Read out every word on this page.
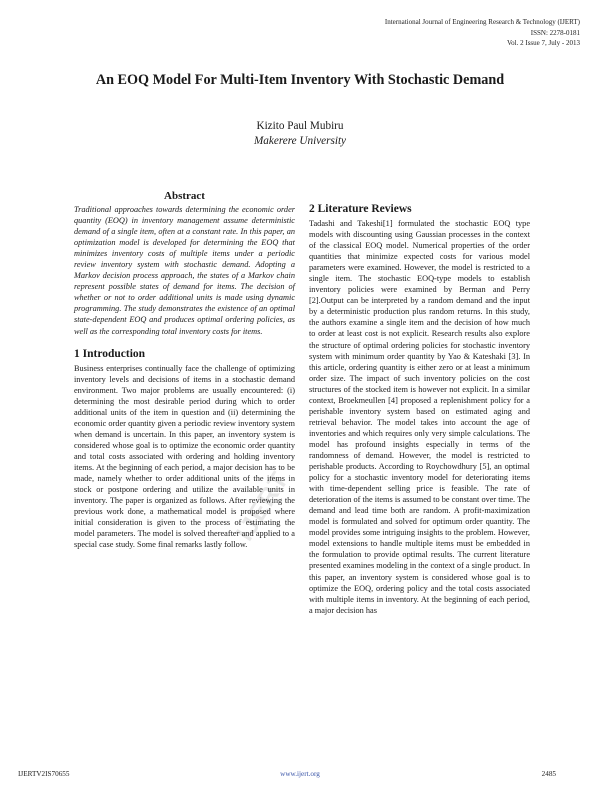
International Journal of Engineering Research & Technology (IJERT)
ISSN: 2278-0181
Vol. 2 Issue 7, July - 2013
An EOQ Model For Multi-Item Inventory With Stochastic Demand
Kizito Paul Mubiru
Makerere University
IJERT
Abstract

Traditional approaches towards determining the economic order quantity (EOQ) in inventory management assume deterministic demand of a single item, often at a constant rate. In this paper, an optimization model is developed for determining the EOQ that minimizes inventory costs of multiple items under a periodic review inventory system with stochastic demand. Adopting a Markov decision process approach, the states of a Markov chain represent possible states of demand for items. The decision of whether or not to order additional units is made using dynamic programming. The study demonstrates the existence of an optimal state-dependent EOQ and produces optimal ordering policies, as well as the corresponding total inventory costs for items.

1 Introduction

Business enterprises continually face the challenge of optimizing inventory levels and decisions of items in a stochastic demand environment. Two major problems are usually encountered: (i) determining the most desirable period during which to order additional units of the item in question and (ii) determining the economic order quantity given a periodic review inventory system when demand is uncertain. In this paper, an inventory system is considered whose goal is to optimize the economic order quantity and total costs associated with ordering and holding inventory items. At the beginning of each period, a major decision has to be made, namely whether to order additional units of the items in stock or postpone ordering and utilize the available units in inventory. The paper is organized as follows. After reviewing the previous work done, a mathematical model is proposed where initial consideration is given to the process of estimating the model parameters. The model is solved thereafter and applied to a special case study. Some final remarks lastly follow.

2 Literature Reviews

Tadashi and Takeshi[1] formulated the stochastic EOQ type models with discounting using Gaussian processes in the context of the classical EOQ model. Numerical properties of the order quantities that minimize expected costs for various model parameters were examined. However, the model is restricted to a single item. The stochastic EOQ-type models to establish inventory policies were examined by Berman and Perry [2].Output can be interpreted by a random demand and the input by a deterministic production plus random returns. In this study, the authors examine a single item and the decision of how much to order at least cost is not explicit. Research results also explore the structure of optimal ordering policies for stochastic inventory system with minimum order quantity by Yao & Kateshaki [3]. In this article, ordering quantity is either zero or at least a minimum order size. The impact of such inventory policies on the cost structures of the stocked item is however not explicit. In a similar context, Broekmeullen [4] proposed a replenishment policy for a perishable inventory system based on estimated aging and retrieval behavior. The model takes into account the age of inventories and which requires only very simple calculations. The model has profound insights especially in terms of the randomness of demand. However, the model is restricted to perishable products. According to Roychowdhury [5], an optimal policy for a stochastic inventory model for deteriorating items with time-dependent selling price is feasible. The rate of deterioration of the items is assumed to be constant over time. The demand and lead time both are random. A profit-maximization model is formulated and solved for optimum order quantity. The model provides some intriguing insights to the problem. However, model extensions to handle multiple items must be embedded in the formulation to provide optimal results. The current literature presented examines modeling in the context of a single product. In this paper, an inventory system is considered whose goal is to optimize the EOQ, ordering policy and the total costs associated with multiple items in inventory. At the beginning of each period, a major decision has

IJERTV2IS70655	www.ijert.org	2485
